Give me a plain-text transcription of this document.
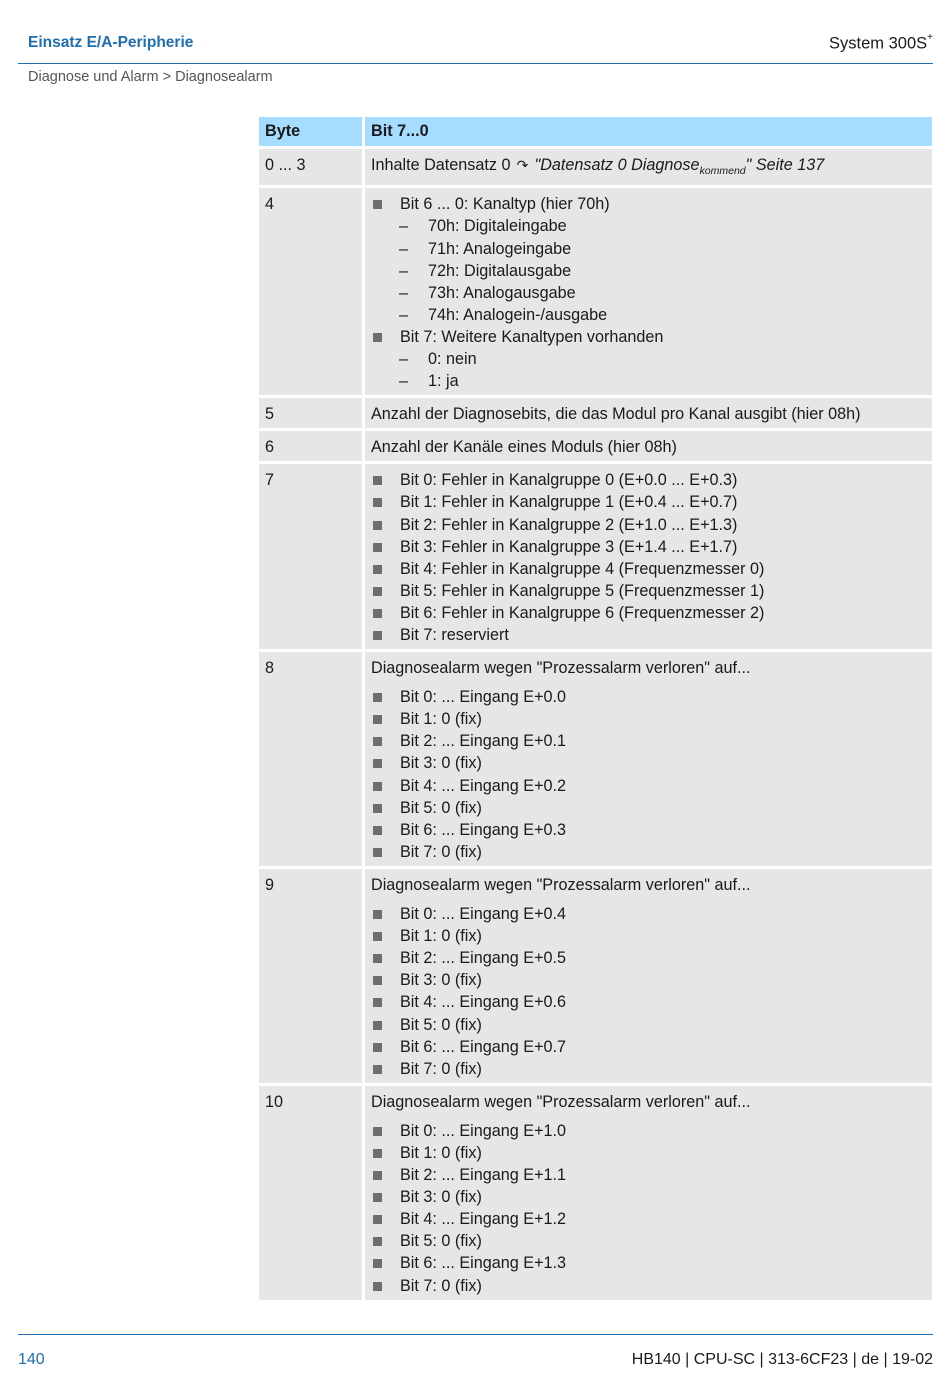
Einsatz E/A-Peripherie	System 300S+
Diagnose und Alarm > Diagnosealarm
Byte	Bit 7...0
0 ... 3	Inhalte Datensatz 0 ↷ "Datensatz 0 Diagnose$_{kommend}$" Seite 137
4	Bit 6 ... 0: Kanaltyp (hier 70h)
– 70h: Digitaleingabe
– 71h: Analogeingabe
– 72h: Digitalausgabe
– 73h: Analogausgabe
– 74h: Analogein-/ausgabe
Bit 7: Weitere Kanaltypen vorhanden
– 0: nein
– 1: ja
5	Anzahl der Diagnosebits, die das Modul pro Kanal ausgibt (hier 08h)
6	Anzahl der Kanäle eines Moduls (hier 08h)
7	Bit 0: Fehler in Kanalgruppe 0 (E+0.0 ... E+0.3)
Bit 1: Fehler in Kanalgruppe 1 (E+0.4 ... E+0.7)
Bit 2: Fehler in Kanalgruppe 2 (E+1.0 ... E+1.3)
Bit 3: Fehler in Kanalgruppe 3 (E+1.4 ... E+1.7)
Bit 4: Fehler in Kanalgruppe 4 (Frequenzmesser 0)
Bit 5: Fehler in Kanalgruppe 5 (Frequenzmesser 1)
Bit 6: Fehler in Kanalgruppe 6 (Frequenzmesser 2)
Bit 7: reserviert
8	Diagnosealarm wegen "Prozessalarm verloren" auf...
Bit 0: ... Eingang E+0.0
Bit 1: 0 (fix)
Bit 2: ... Eingang E+0.1
Bit 3: 0 (fix)
Bit 4: ... Eingang E+0.2
Bit 5: 0 (fix)
Bit 6: ... Eingang E+0.3
Bit 7: 0 (fix)
9	Diagnosealarm wegen "Prozessalarm verloren" auf...
Bit 0: ... Eingang E+0.4
Bit 1: 0 (fix)
Bit 2: ... Eingang E+0.5
Bit 3: 0 (fix)
Bit 4: ... Eingang E+0.6
Bit 5: 0 (fix)
Bit 6: ... Eingang E+0.7
Bit 7: 0 (fix)
10	Diagnosealarm wegen "Prozessalarm verloren" auf...
Bit 0: ... Eingang E+1.0
Bit 1: 0 (fix)
Bit 2: ... Eingang E+1.1
Bit 3: 0 (fix)
Bit 4: ... Eingang E+1.2
Bit 5: 0 (fix)
Bit 6: ... Eingang E+1.3
Bit 7: 0 (fix)
140	HB140 | CPU-SC | 313-6CF23 | de | 19-02
